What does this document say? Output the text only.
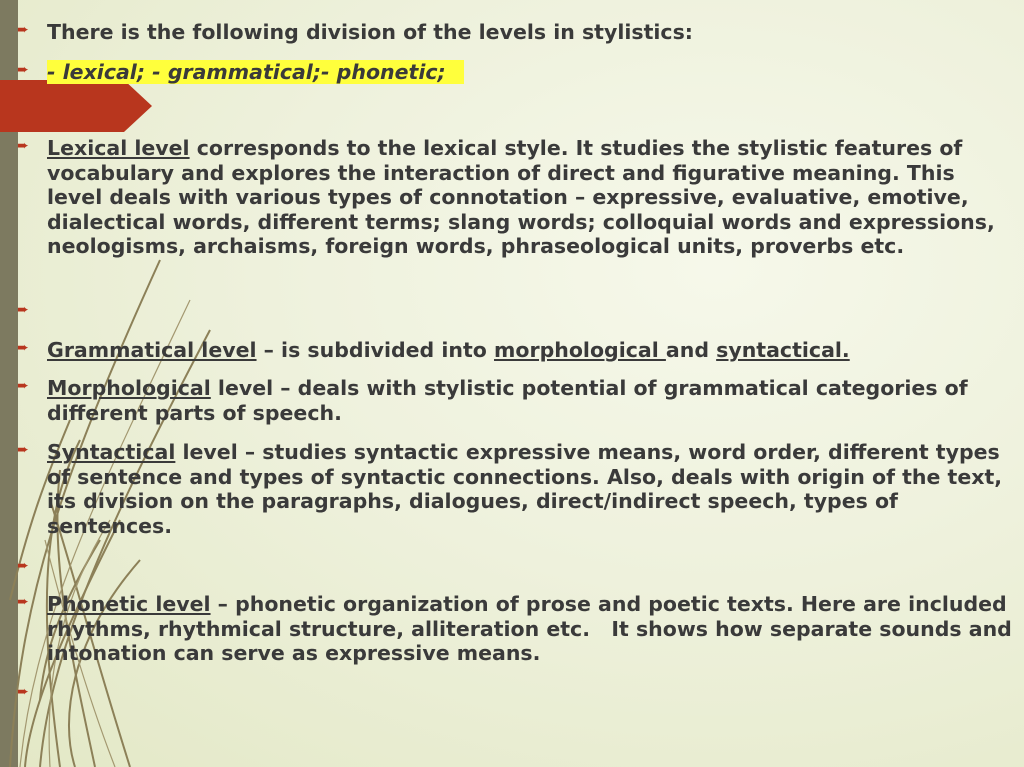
➨ There is the following division of the levels in stylistics:
➨ - lexical; - grammatical;- phonetic;
➨ Lexical level corresponds to the lexical style. It studies the stylistic features of vocabulary and explores the interaction of direct and figurative meaning. This level deals with various types of connotation – expressive, evaluative, emotive, dialectical words, different terms; slang words; colloquial words and expressions, neologisms, archaisms, foreign words, phraseological units, proverbs etc.
➨
➨ Grammatical level – is subdivided into morphological and syntactical.
➨ Morphological level – deals with stylistic potential of grammatical categories of different parts of speech.
➨ Syntactical level – studies syntactic expressive means, word order, different types of sentence and types of syntactic connections. Also, deals with origin of the text, its division on the paragraphs, dialogues, direct/indirect speech, types of sentences.
➨
➨ Phonetic level – phonetic organization of prose and poetic texts. Here are included rhythms, rhythmical structure, alliteration etc.   It shows how separate sounds and intonation can serve as expressive means.
➨
